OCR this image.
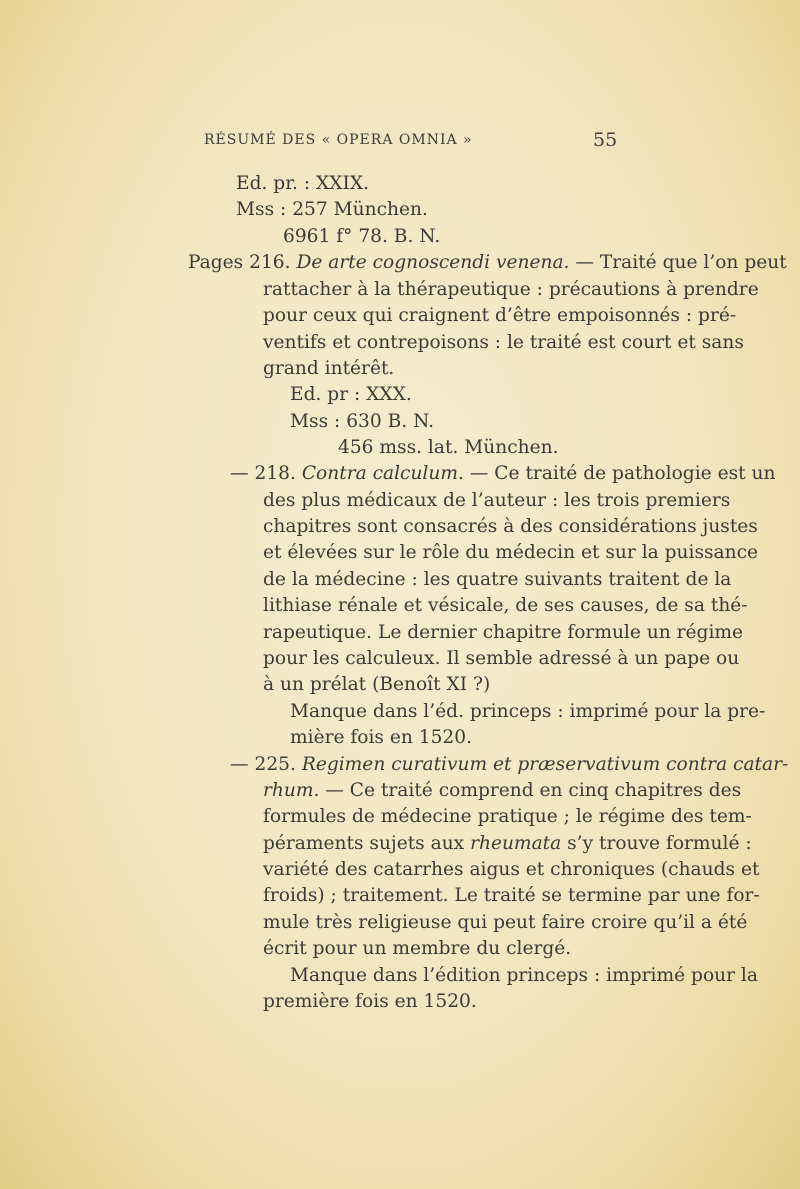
RÉSUMÉ DES « OPERA OMNIA »	55
Ed. pr. : XXIX.
Mss : 257 München.
6961 f° 78. B. N.
Pages 216. De arte cognoscendi venena. — Traité que l’on peut
rattacher à la thérapeutique : précautions à prendre
pour ceux qui craignent d’être empoisonnés : pré-
ventifs et contrepoisons : le traité est court et sans
grand intérêt.
Ed. pr : XXX.
Mss : 630 B. N.
456 mss. lat. München.
— 218. Contra calculum. — Ce traité de pathologie est un
des plus médicaux de l’auteur : les trois premiers
chapitres sont consacrés à des considérations justes
et élevées sur le rôle du médecin et sur la puissance
de la médecine : les quatre suivants traitent de la
lithiase rénale et vésicale, de ses causes, de sa thé-
rapeutique. Le dernier chapitre formule un régime
pour les calculeux. Il semble adressé à un pape ou
à un prélat (Benoît XI ?)
Manque dans l’éd. princeps : imprimé pour la pre-
mière fois en 1520.
— 225. Regimen curativum et præservativum contra catar-
rhum. — Ce traité comprend en cinq chapitres des
formules de médecine pratique ; le régime des tem-
péraments sujets aux rheumata s’y trouve formulé :
variété des catarrhes aigus et chroniques (chauds et
froids) ; traitement. Le traité se termine par une for-
mule très religieuse qui peut faire croire qu’il a été
écrit pour un membre du clergé.
Manque dans l’édition princeps : imprimé pour la
première fois en 1520.
